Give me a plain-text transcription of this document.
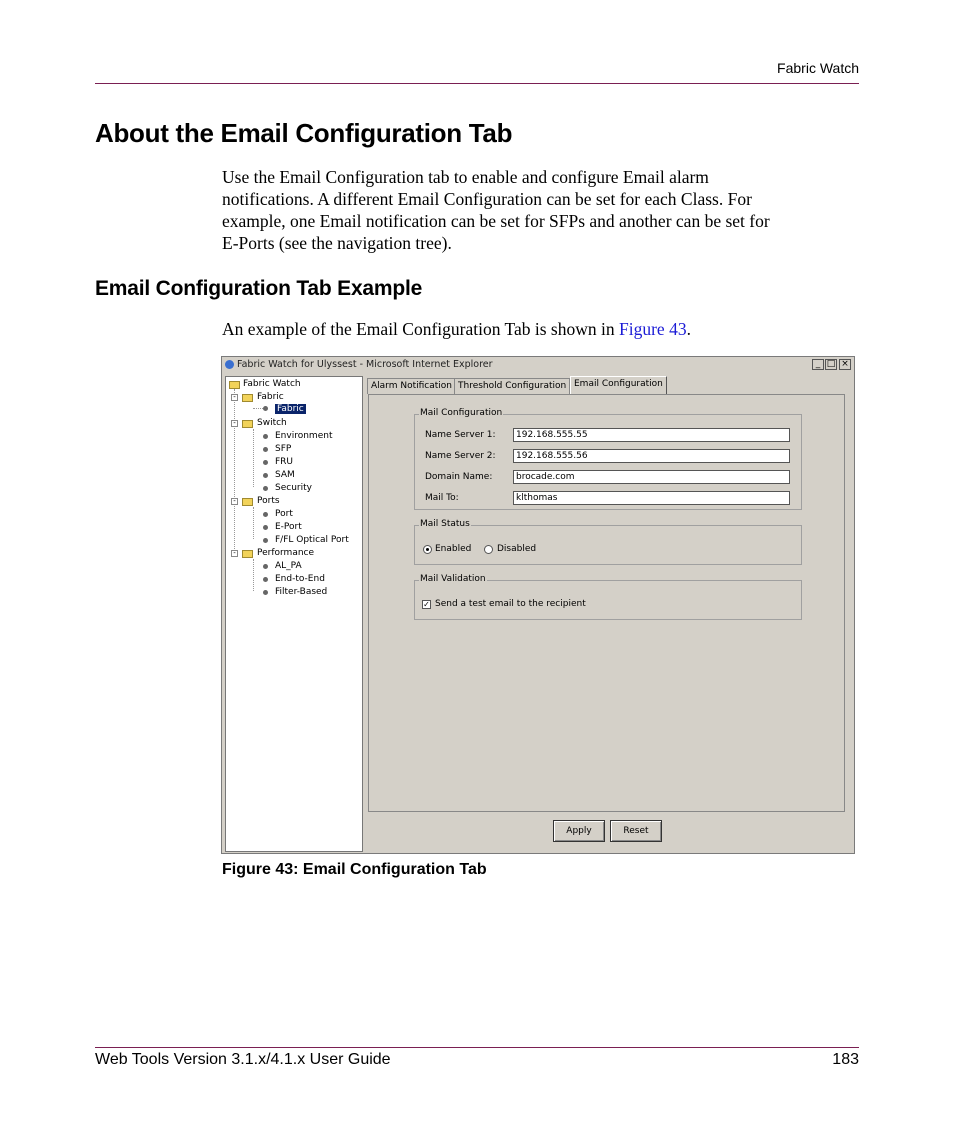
Fabric Watch
About the Email Configuration Tab
Use the Email Configuration tab to enable and configure Email alarm
notifications. A different Email Configuration can be set for each Class. For
example, one Email notification can be set for SFPs and another can be set for
E-Ports (see the navigation tree).
Email Configuration Tab Example
An example of the Email Configuration Tab is shown in Figure 43.
Fabric Watch for Ulyssest - Microsoft Internet Explorer	_ □ ×
Fabric Watch
- Fabric
Fabric
- Switch
Environment
SFP
FRU
SAM
Security
- Ports
Port
E-Port
F/FL Optical Port
- Performance
AL_PA
End-to-End
Filter-Based
Alarm Notification Threshold Configuration Email Configuration
Mail Configuration
Name Server 1:	192.168.555.55
Name Server 2:	192.168.555.56
Domain Name:	brocade.com
Mail To:	klthomas
Mail Status
Enabled	Disabled
Mail Validation
✓ Send a test email to the recipient
Apply	Reset
Figure 43: Email Configuration Tab
Web Tools Version 3.1.x/4.1.x User Guide	183
